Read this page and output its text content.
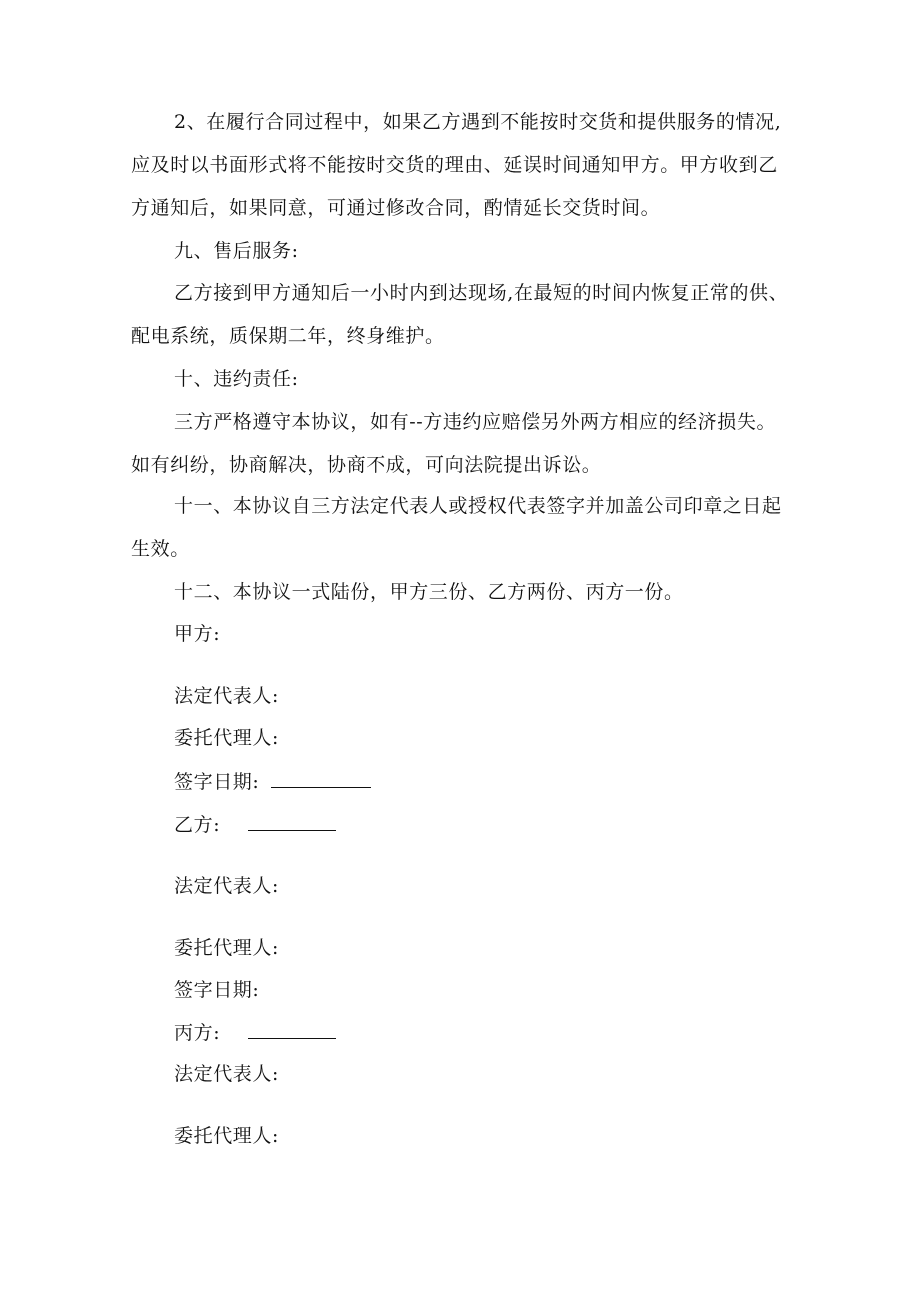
2、在履行合同过程中，如果乙方遇到不能按时交货和提供服务的情况,
应及时以书面形式将不能按时交货的理由、延误时间通知甲方。甲方收到乙
方通知后，如果同意，可通过修改合同，酌情延长交货时间。
九、售后服务:
乙方接到甲方通知后一小时内到达现场,在最短的时间内恢复正常的供、
配电系统，质保期二年，终身维护。
十、违约责任:
三方严格遵守本协议，如有--方违约应赔偿另外两方相应的经济损失。
如有纠纷，协商解决，协商不成，可向法院提出诉讼。
十一、本协议自三方法定代表人或授权代表签字并加盖公司印章之日起
生效。
十二、本协议一式陆份，甲方三份、乙方两份、丙方一份。
甲方:
法定代表人:
委托代理人:
签字日期:
乙方:
法定代表人:
委托代理人:
签字日期:
丙方:
法定代表人:
委托代理人:
